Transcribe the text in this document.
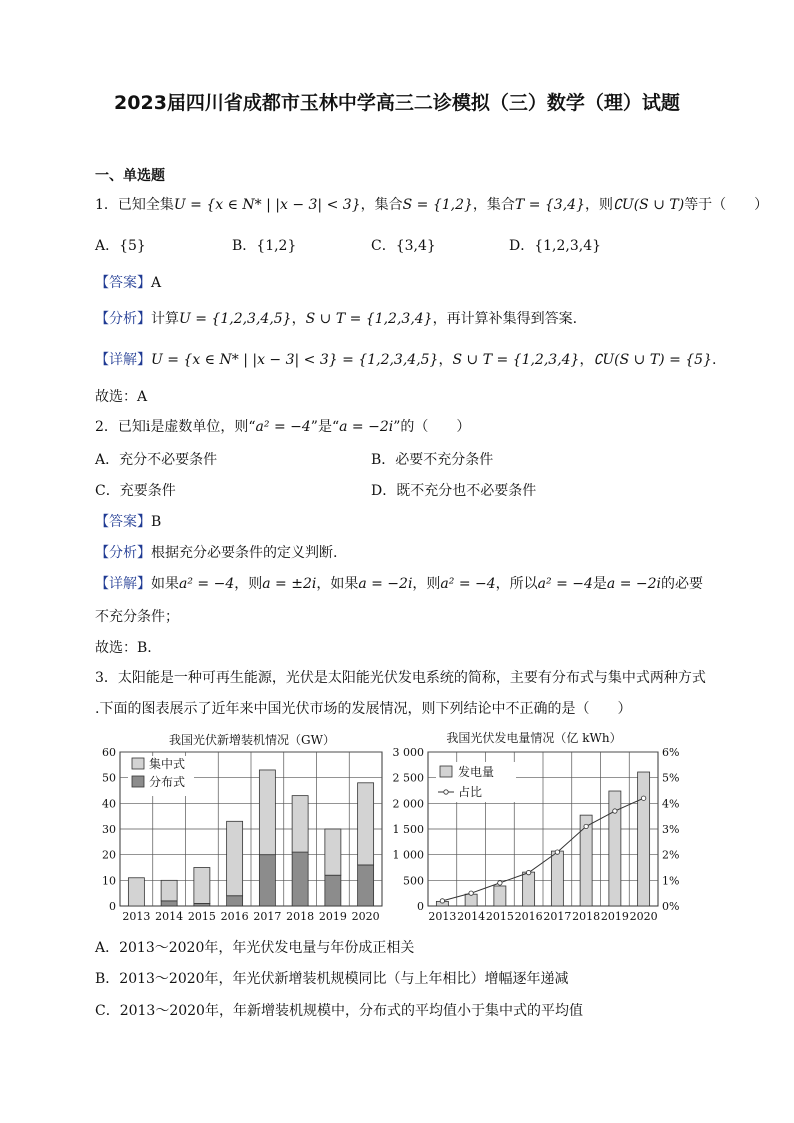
2023届四川省成都市玉林中学高三二诊模拟（三）数学（理）试题
一、单选题
1．已知全集U = {x ∈ N* | |x − 3| < 3}，集合S = {1,2}，集合T = {3,4}，则∁U(S ∪ T)等于（　　）
A．{5}	B．{1,2}	C．{3,4}	D．{1,2,3,4}
【答案】A
【分析】计算U = {1,2,3,4,5}，S ∪ T = {1,2,3,4}，再计算补集得到答案.
【详解】U = {x ∈ N* | |x − 3| < 3} = {1,2,3,4,5}，S ∪ T = {1,2,3,4}，∁U(S ∪ T) = {5}.
故选：A
2．已知i是虚数单位，则“a² = −4”是“a = −2i”的（　　）
A．充分不必要条件	B．必要不充分条件
C．充要条件	D．既不充分也不必要条件
【答案】B
【分析】根据充分必要条件的定义判断.
【详解】如果a² = −4，则a = ±2i，如果a = −2i，则a² = −4，所以a² = −4是a = −2i的必要
不充分条件；
故选：B.
3．太阳能是一种可再生能源，光伏是太阳能光伏发电系统的简称，主要有分布式与集中式两种方式
.下面的图表展示了近年来中国光伏市场的发展情况，则下列结论中不正确的是（　　）
我国光伏新增装机情况（GW）
0
10
20
30
40
50
60
2013 2014 2015 2016 2017 2018 2019 2020
集中式
分布式
我国光伏发电量情况（亿 kWh）
0
500
1 000
1 500
2 000
2 500
3 000
0%
1%
2%
3%
4%
5%
6%
2013 2014 2015 2016 2017 2018 2019 2020
发电量
占比
A．2013～2020年，年光伏发电量与年份成正相关
B．2013～2020年，年光伏新增装机规模同比（与上年相比）增幅逐年递减
C．2013～2020年，年新增装机规模中，分布式的平均值小于集中式的平均值
